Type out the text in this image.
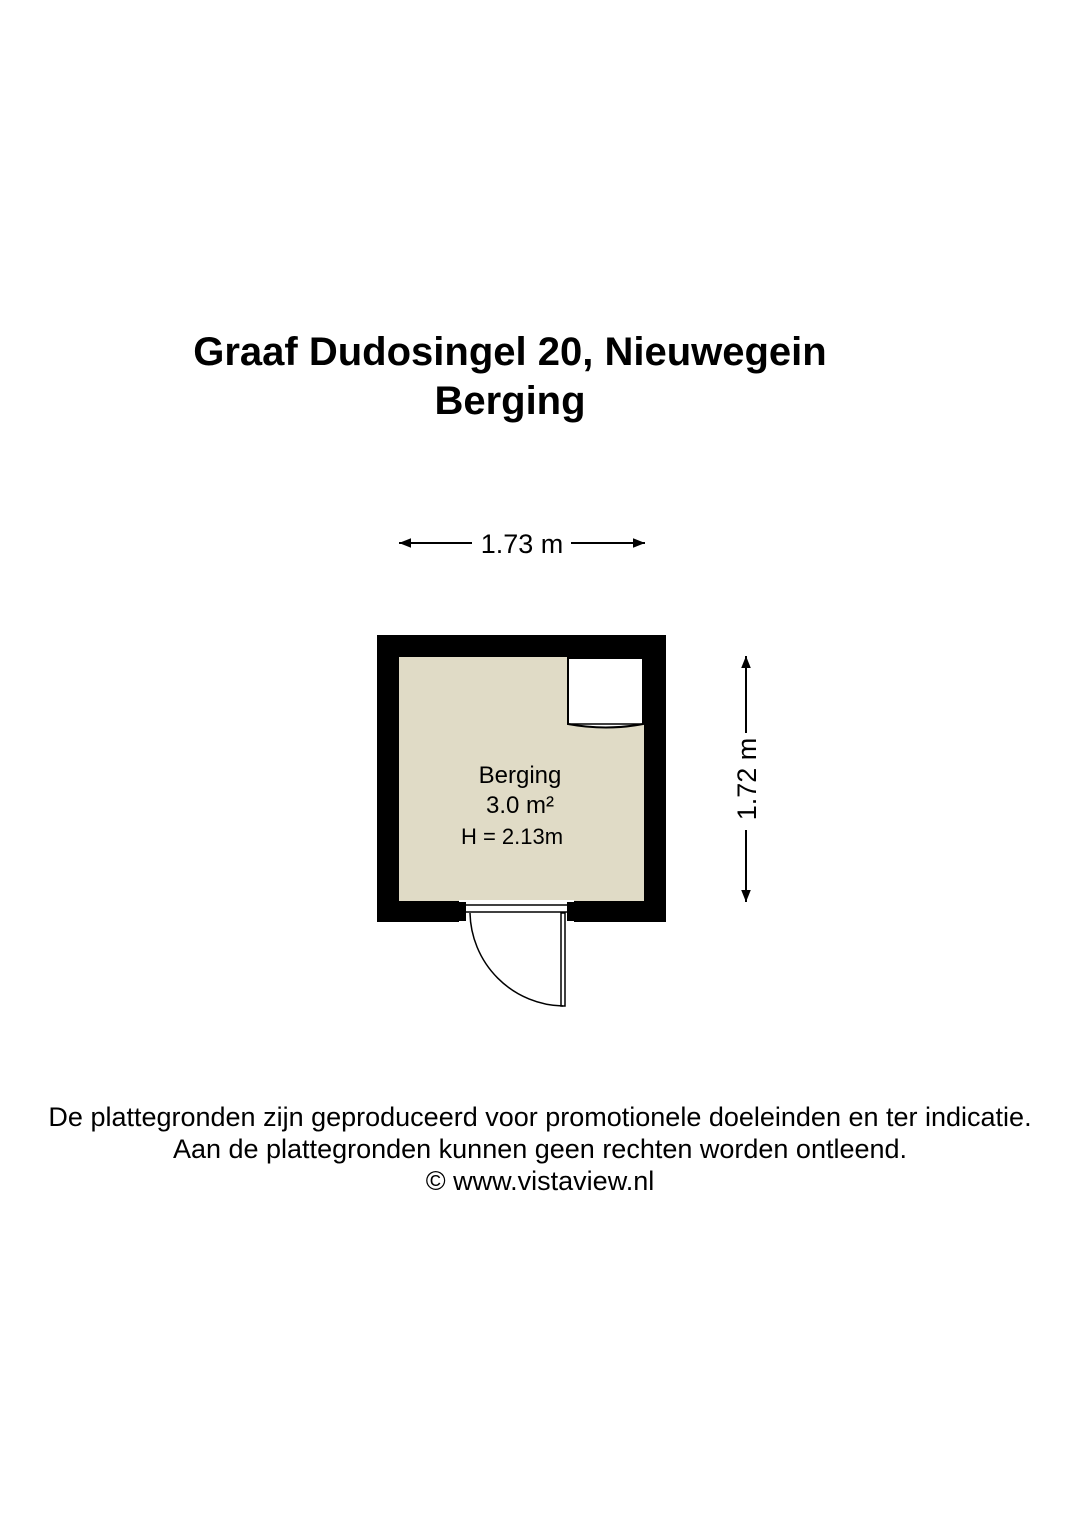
Graaf Dudosingel 20, Nieuwegein
Berging
1.73 m
1.72 m
Berging
3.0 m²
H = 2.13m
De plattegronden zijn geproduceerd voor promotionele doeleinden en ter indicatie.
Aan de plattegronden kunnen geen rechten worden ontleend.
© www.vistaview.nl
